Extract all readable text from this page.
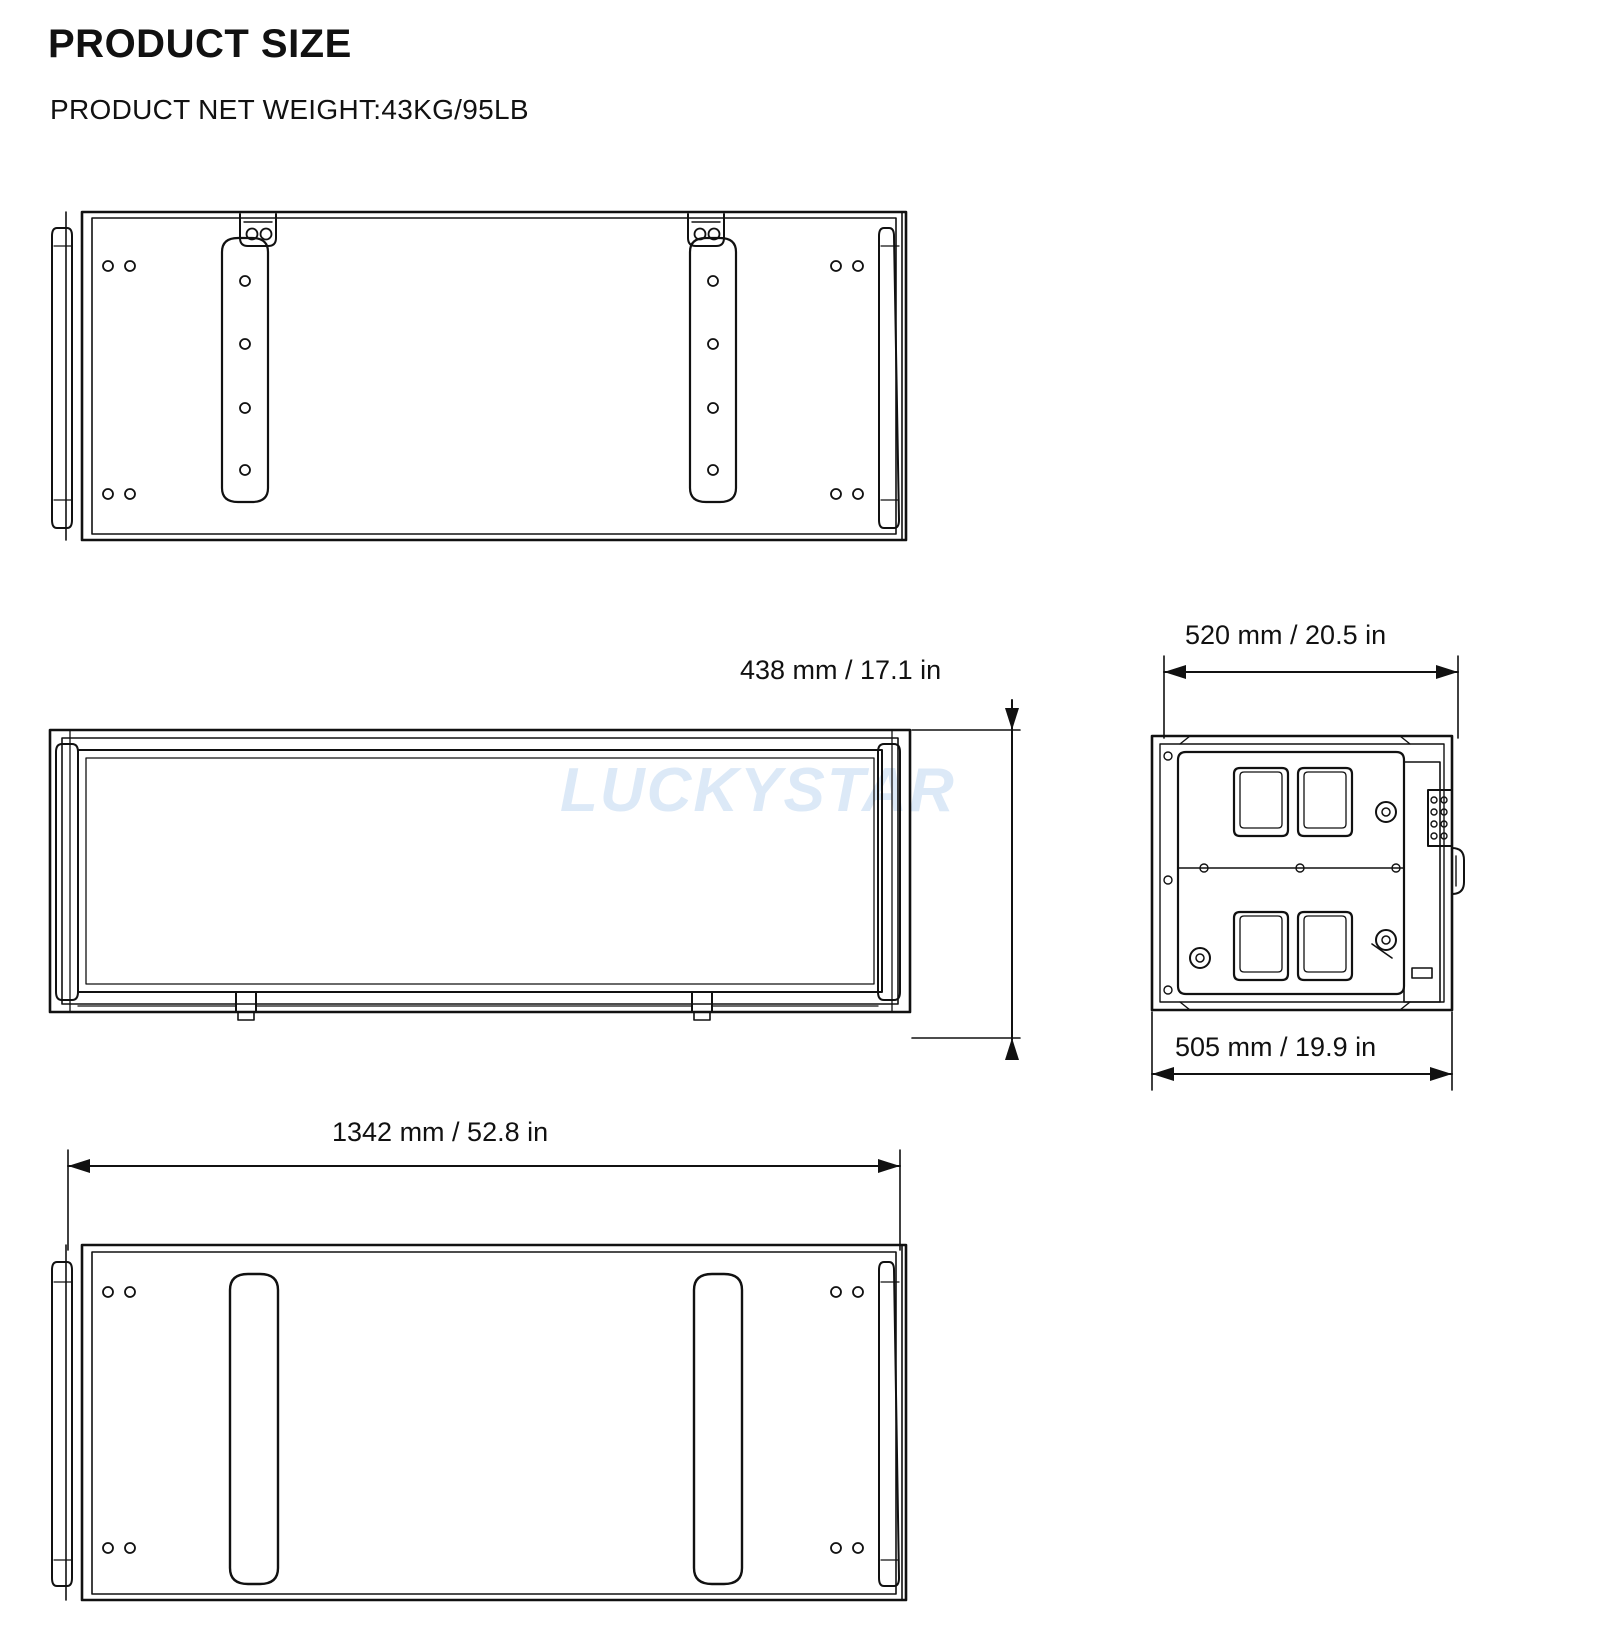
PRODUCT SIZE
PRODUCT NET WEIGHT:43KG/95LB
LUCKYSTAR
438 mm / 17.1 in
520 mm / 20.5 in
505 mm / 19.9 in
1342 mm / 52.8 in
